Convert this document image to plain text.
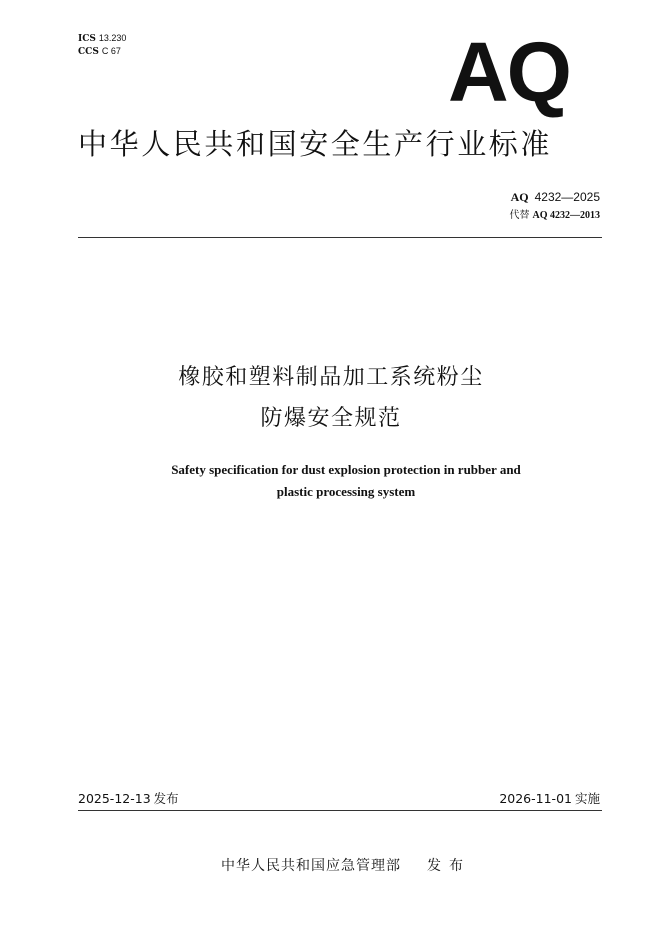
ICS 13.230
CCS C 67	AQ
中华人民共和国安全生产行业标准
AQ 4232—2025
代替 AQ 4232—2013
橡胶和塑料制品加工系统粉尘
防爆安全规范
Safety specification for dust explosion protection in rubber and
plastic processing system
2025-12-13 发布	2026-11-01 实施
中华人民共和国应急管理部 发布
